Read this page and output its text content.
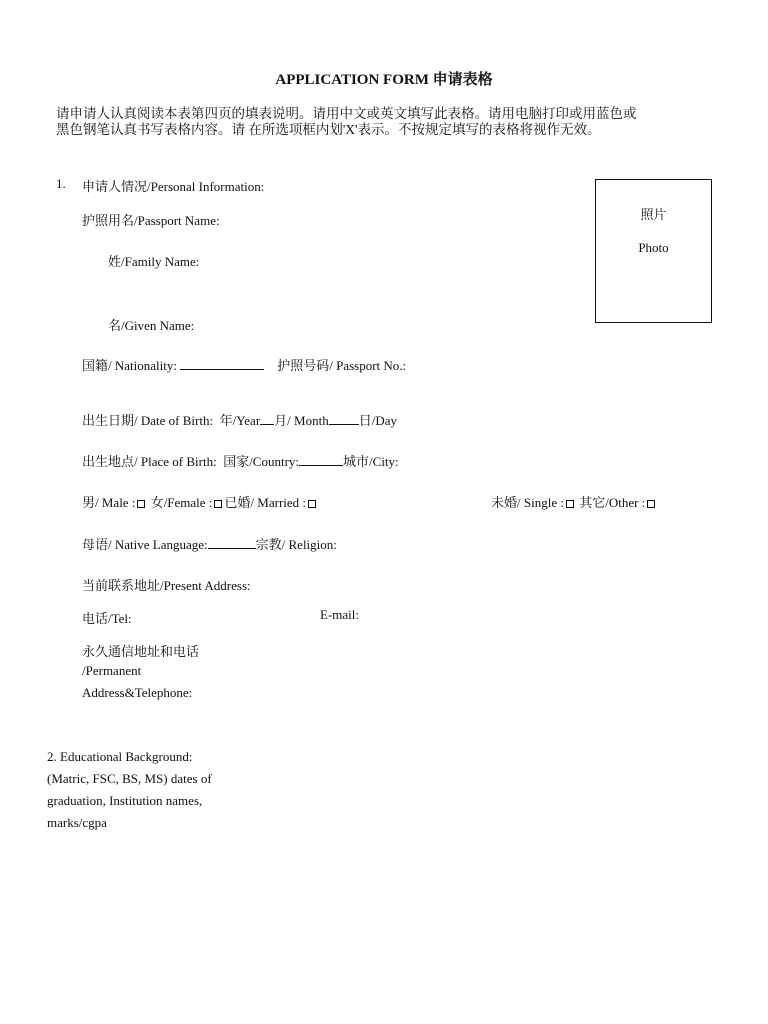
APPLICATION FORM 申请表格
请申请人认真阅读本表第四页的填表说明。请用中文或英文填写此表格。请用电脑打印或用蓝色或
黑色钢笔认真书写表格内容。请 在所选项框内划'X'表示。不按规定填写的表格将视作无效。
1. 申请人情况/Personal Information:
护照用名/Passport Name:
姓/Family Name:
名/Given Name:
国籍/ Nationality:	护照号码/ Passport No.:
出生日期/ Date of Birth: 年/Year 月/ Month 日/Day
出生地点/ Place of Birth: 国家/Country:	城市/City:
男/ Male : 女/Female : 已婚/ Married :	未婚/ Single : 其它/Other :
母语/ Native Language:	宗教/ Religion:
当前联系地址/Present Address:
电话/Tel:	E-mail:
永久通信地址和电话
/Permanent
Address&Telephone:
照片
Photo
2. Educational Background:
(Matric, FSC, BS, MS) dates of
graduation, Institution names,
marks/cgpa
